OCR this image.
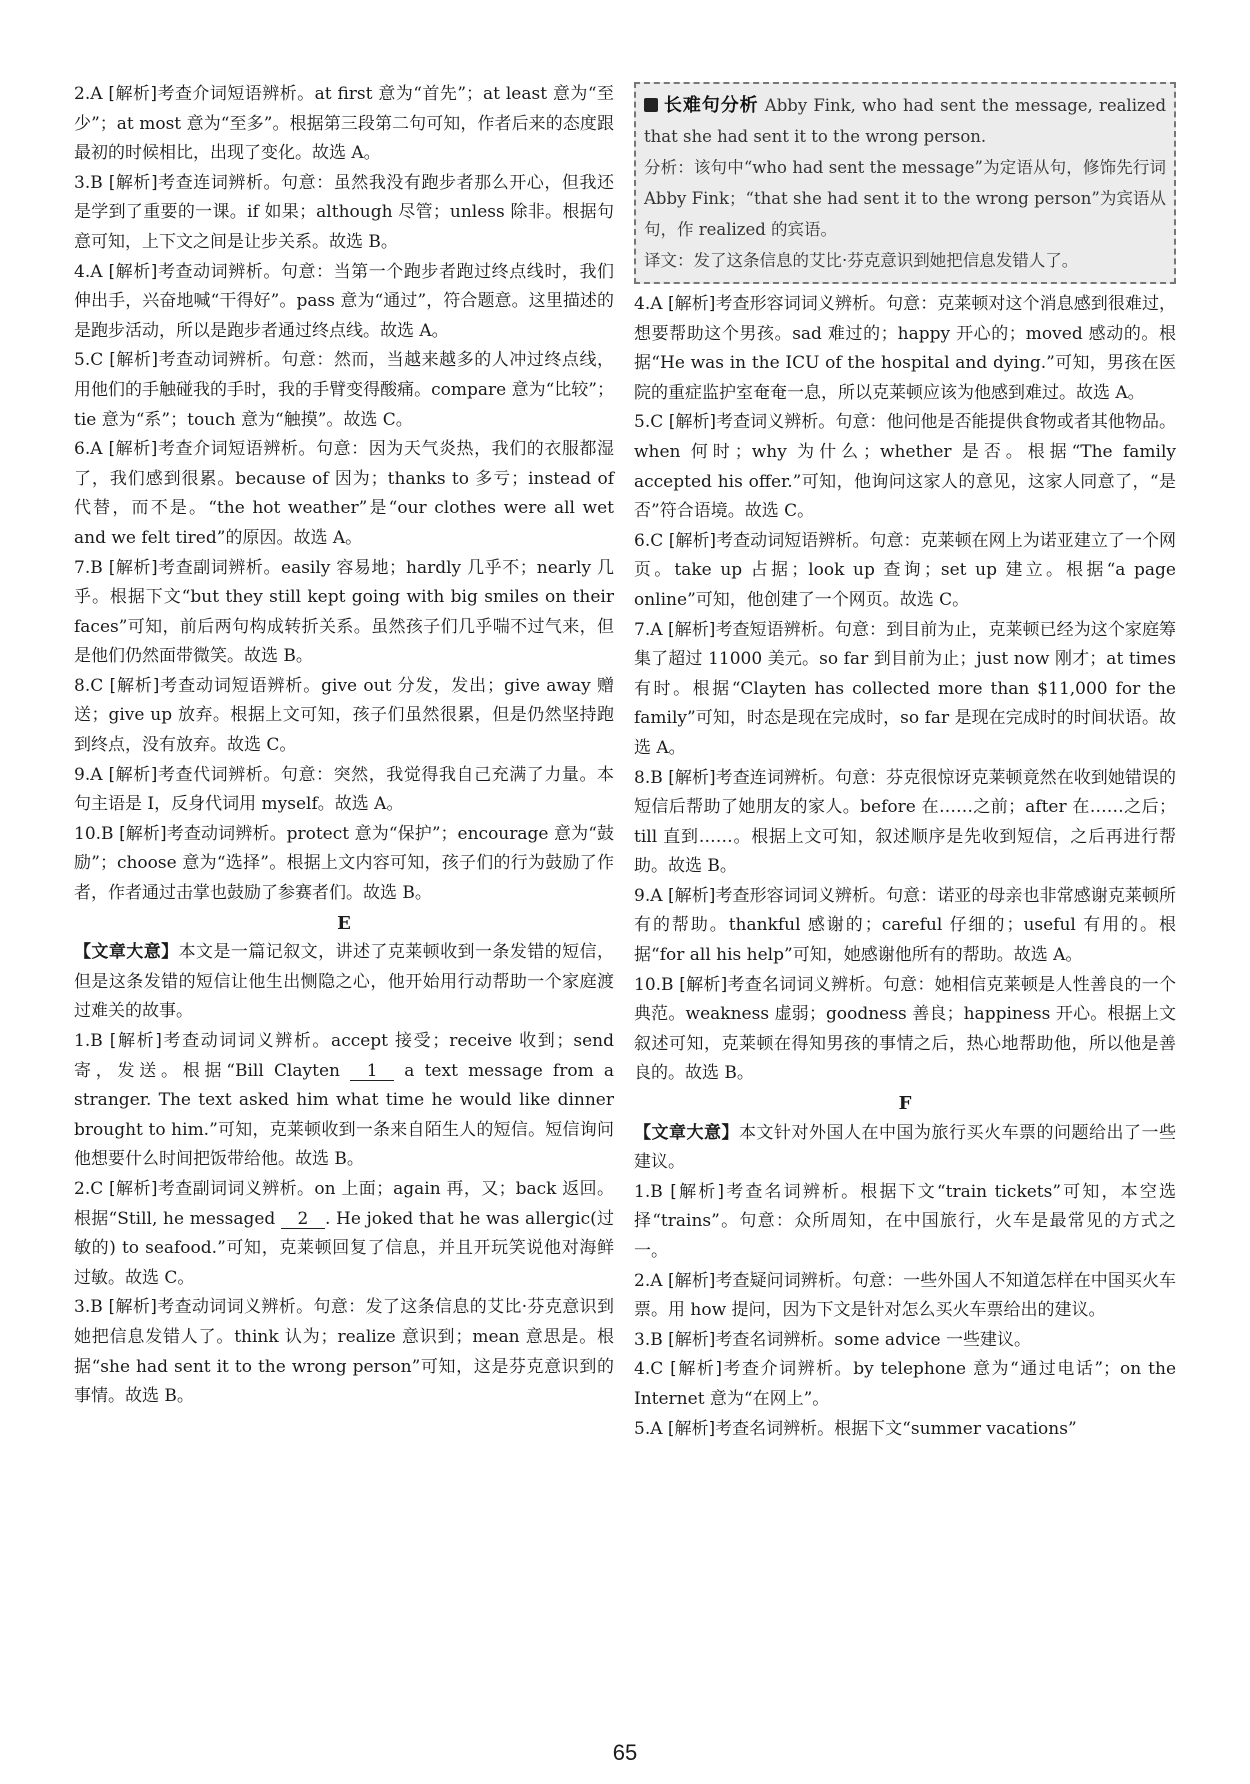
2.A [解析]考查介词短语辨析。at first 意为“首先”；at least 意为“至少”；at most 意为“至多”。根据第三段第二句可知，作者后来的态度跟最初的时候相比，出现了变化。故选 A。

3.B [解析]考查连词辨析。句意：虽然我没有跑步者那么开心，但我还是学到了重要的一课。if 如果；although 尽管；unless 除非。根据句意可知，上下文之间是让步关系。故选 B。

4.A [解析]考查动词辨析。句意：当第一个跑步者跑过终点线时，我们伸出手，兴奋地喊“干得好”。pass 意为“通过”，符合题意。这里描述的是跑步活动，所以是跑步者通过终点线。故选 A。

5.C [解析]考查动词辨析。句意：然而，当越来越多的人冲过终点线，用他们的手触碰我的手时，我的手臂变得酸痛。compare 意为“比较”；tie 意为“系”；touch 意为“触摸”。故选 C。

6.A [解析]考查介词短语辨析。句意：因为天气炎热，我们的衣服都湿了，我们感到很累。because of 因为；thanks to 多亏；instead of 代替，而不是。“the hot weather”是“our clothes were all wet and we felt tired”的原因。故选 A。

7.B [解析]考查副词辨析。easily 容易地；hardly 几乎不；nearly 几乎。根据下文“but they still kept going with big smiles on their faces”可知，前后两句构成转折关系。虽然孩子们几乎喘不过气来，但是他们仍然面带微笑。故选 B。

8.C [解析]考查动词短语辨析。give out 分发，发出；give away 赠送；give up 放弃。根据上文可知，孩子们虽然很累，但是仍然坚持跑到终点，没有放弃。故选 C。

9.A [解析]考查代词辨析。句意：突然，我觉得我自己充满了力量。本句主语是 I，反身代词用 myself。故选 A。

10.B [解析]考查动词辨析。protect 意为“保护”；encourage 意为“鼓励”；choose 意为“选择”。根据上文内容可知，孩子们的行为鼓励了作者，作者通过击掌也鼓励了参赛者们。故选 B。

E

【文章大意】本文是一篇记叙文，讲述了克莱顿收到一条发错的短信，但是这条发错的短信让他生出恻隐之心，他开始用行动帮助一个家庭渡过难关的故事。

1.B [解析]考查动词词义辨析。accept 接受；receive 收到；send 寄，发送。根据“Bill Clayten 1 a text message from a stranger. The text asked him what time he would like dinner brought to him.”可知，克莱顿收到一条来自陌生人的短信。短信询问他想要什么时间把饭带给他。故选 B。

2.C [解析]考查副词词义辨析。on 上面；again 再，又；back 返回。根据“Still, he messaged 2 . He joked that he was allergic(过敏的) to seafood.”可知，克莱顿回复了信息，并且开玩笑说他对海鲜过敏。故选 C。

3.B [解析]考查动词词义辨析。句意：发了这条信息的艾比·芬克意识到她把信息发错人了。think 认为；realize 意识到；mean 意思是。根据“she had sent it to the wrong person”可知，这是芬克意识到的事情。故选 B。

长难句分析 Abby Fink, who had sent the message, realized that she had sent it to the wrong person.
分析：该句中“who had sent the message”为定语从句，修饰先行词 Abby Fink；“that she had sent it to the wrong person”为宾语从句，作 realized 的宾语。
译文：发了这条信息的艾比·芬克意识到她把信息发错人了。

4.A [解析]考查形容词词义辨析。句意：克莱顿对这个消息感到很难过，想要帮助这个男孩。sad 难过的；happy 开心的；moved 感动的。根据“He was in the ICU of the hospital and dying.”可知，男孩在医院的重症监护室奄奄一息，所以克莱顿应该为他感到难过。故选 A。

5.C [解析]考查词义辨析。句意：他问他是否能提供食物或者其他物品。when 何时；why 为什么；whether 是否。根据“The family accepted his offer.”可知，他询问这家人的意见，这家人同意了，“是否”符合语境。故选 C。

6.C [解析]考查动词短语辨析。句意：克莱顿在网上为诺亚建立了一个网页。take up 占据；look up 查询；set up 建立。根据“a page online”可知，他创建了一个网页。故选 C。

7.A [解析]考查短语辨析。句意：到目前为止，克莱顿已经为这个家庭筹集了超过 11000 美元。so far 到目前为止；just now 刚才；at times 有时。根据“Clayten has collected more than $11,000 for the family”可知，时态是现在完成时，so far 是现在完成时的时间状语。故选 A。

8.B [解析]考查连词辨析。句意：芬克很惊讶克莱顿竟然在收到她错误的短信后帮助了她朋友的家人。before 在……之前；after 在……之后；till 直到……。根据上文可知，叙述顺序是先收到短信，之后再进行帮助。故选 B。

9.A [解析]考查形容词词义辨析。句意：诺亚的母亲也非常感谢克莱顿所有的帮助。thankful 感谢的；careful 仔细的；useful 有用的。根据“for all his help”可知，她感谢他所有的帮助。故选 A。

10.B [解析]考查名词词义辨析。句意：她相信克莱顿是人性善良的一个典范。weakness 虚弱；goodness 善良；happiness 开心。根据上文叙述可知，克莱顿在得知男孩的事情之后，热心地帮助他，所以他是善良的。故选 B。

F

【文章大意】本文针对外国人在中国为旅行买火车票的问题给出了一些建议。

1.B [解析]考查名词辨析。根据下文“train tickets”可知，本空选择“trains”。句意：众所周知，在中国旅行，火车是最常见的方式之一。

2.A [解析]考查疑问词辨析。句意：一些外国人不知道怎样在中国买火车票。用 how 提问，因为下文是针对怎么买火车票给出的建议。

3.B [解析]考查名词辨析。some advice 一些建议。

4.C [解析]考查介词辨析。by telephone 意为“通过电话”；on the Internet 意为“在网上”。

5.A [解析]考查名词辨析。根据下文“summer vacations”

65
